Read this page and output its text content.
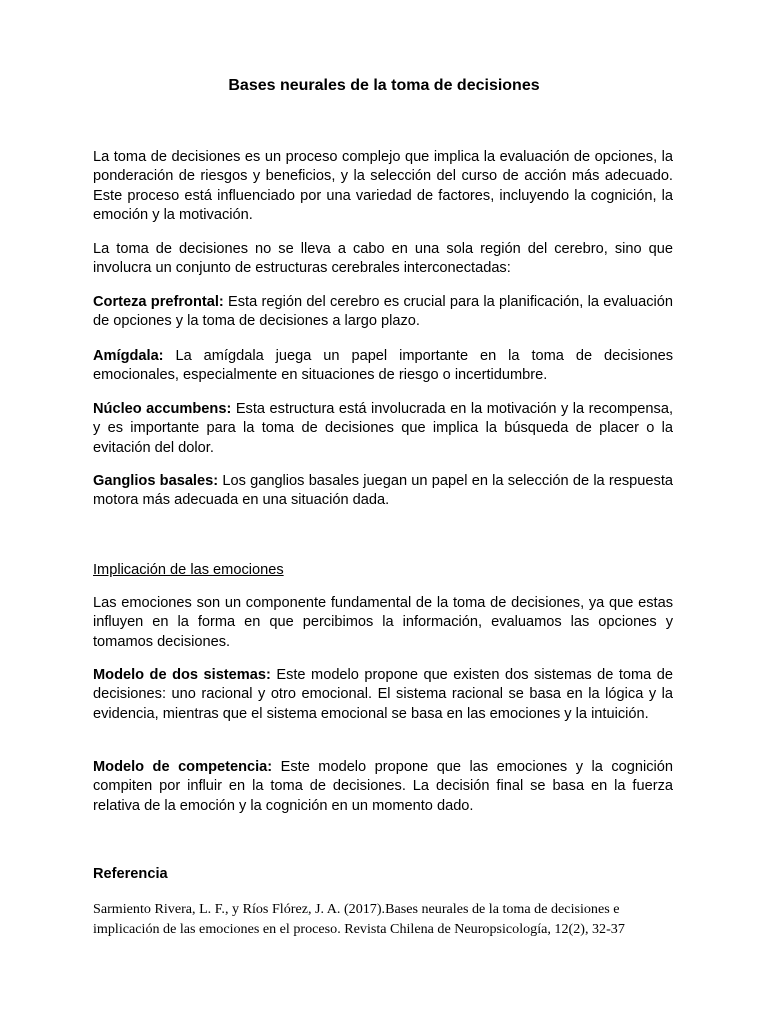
Bases neurales de la toma de decisiones

La toma de decisiones es un proceso complejo que implica la evaluación de opciones, la ponderación de riesgos y beneficios, y la selección del curso de acción más adecuado. Este proceso está influenciado por una variedad de factores, incluyendo la cognición, la emoción y la motivación.

La toma de decisiones no se lleva a cabo en una sola región del cerebro, sino que involucra un conjunto de estructuras cerebrales interconectadas:

Corteza prefrontal: Esta región del cerebro es crucial para la planificación, la evaluación de opciones y la toma de decisiones a largo plazo.

Amígdala: La amígdala juega un papel importante en la toma de decisiones emocionales, especialmente en situaciones de riesgo o incertidumbre.

Núcleo accumbens: Esta estructura está involucrada en la motivación y la recompensa, y es importante para la toma de decisiones que implica la búsqueda de placer o la evitación del dolor.

Ganglios basales: Los ganglios basales juegan un papel en la selección de la respuesta motora más adecuada en una situación dada.

Implicación de las emociones

Las emociones son un componente fundamental de la toma de decisiones, ya que estas influyen en la forma en que percibimos la información, evaluamos las opciones y tomamos decisiones.

Modelo de dos sistemas: Este modelo propone que existen dos sistemas de toma de decisiones: uno racional y otro emocional. El sistema racional se basa en la lógica y la evidencia, mientras que el sistema emocional se basa en las emociones y la intuición.

Modelo de competencia: Este modelo propone que las emociones y la cognición compiten por influir en la toma de decisiones. La decisión final se basa en la fuerza relativa de la emoción y la cognición en un momento dado.

Referencia

Sarmiento Rivera, L. F., y Ríos Flórez, J. A. (2017).Bases neurales de la toma de decisiones e implicación de las emociones en el proceso. Revista Chilena de Neuropsicología, 12(2), 32-37
